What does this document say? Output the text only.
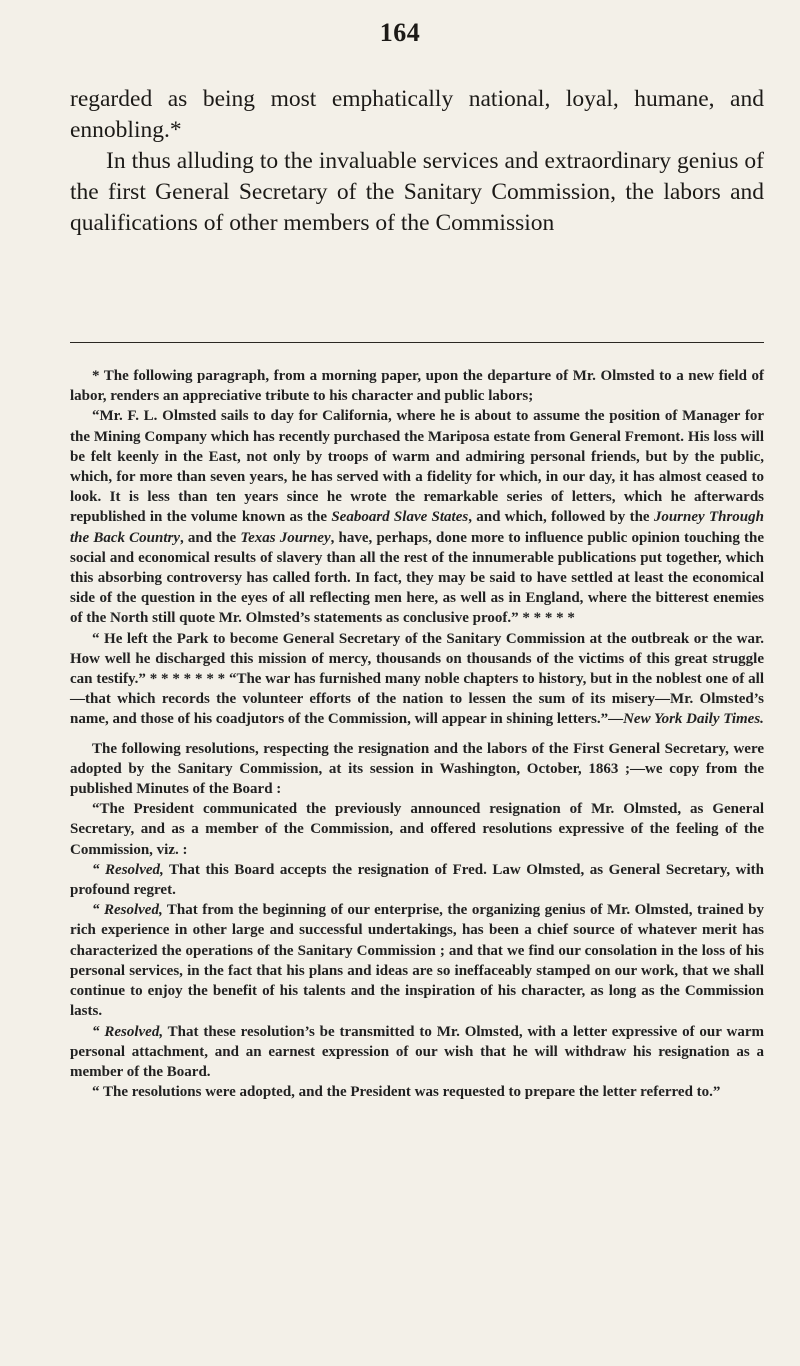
164

regarded as being most emphatically national, loyal, humane, and ennobling.*

In thus alluding to the invaluable services and extraordinary genius of the first General Secretary of the Sanitary Commission, the labors and qualifications of other members of the Commission

* The following paragraph, from a morning paper, upon the departure of Mr. Olmsted to a new field of labor, renders an appreciative tribute to his character and public labors;

“Mr. F. L. Olmsted sails to day for California, where he is about to assume the position of Manager for the Mining Company which has recently purchased the Mariposa estate from General Fremont. His loss will be felt keenly in the East, not only by troops of warm and admiring personal friends, but by the public, which, for more than seven years, he has served with a fidelity for which, in our day, it has almost ceased to look. It is less than ten years since he wrote the remarkable series of letters, which he afterwards republished in the volume known as the Seaboard Slave States, and which, followed by the Journey Through the Back Country, and the Texas Journey, have, perhaps, done more to influence public opinion touching the social and economical results of slavery than all the rest of the innumerable publications put together, which this absorbing controversy has called forth. In fact, they may be said to have settled at least the economical side of the question in the eyes of all reflecting men here, as well as in England, where the bitterest enemies of the North still quote Mr. Olmsted’s statements as conclusive proof.” * * * * *

“ He left the Park to become General Secretary of the Sanitary Commission at the outbreak or the war. How well he discharged this mission of mercy, thousands on thousands of the victims of this great struggle can testify.” * * * * * * * “The war has furnished many noble chapters to history, but in the noblest one of all—that which records the volunteer efforts of the nation to lessen the sum of its misery—Mr. Olmsted’s name, and those of his coadjutors of the Commission, will appear in shining letters.”—New York Daily Times.

The following resolutions, respecting the resignation and the labors of the First General Secretary, were adopted by the Sanitary Commission, at its session in Washington, October, 1863 ;—we copy from the published Minutes of the Board :

“The President communicated the previously announced resignation of Mr. Olmsted, as General Secretary, and as a member of the Commission, and offered resolutions expressive of the feeling of the Commission, viz. :

“ Resolved, That this Board accepts the resignation of Fred. Law Olmsted, as General Secretary, with profound regret.

“ Resolved, That from the beginning of our enterprise, the organizing genius of Mr. Olmsted, trained by rich experience in other large and successful undertakings, has been a chief source of whatever merit has characterized the operations of the Sanitary Commission ; and that we find our consolation in the loss of his personal services, in the fact that his plans and ideas are so ineffaceably stamped on our work, that we shall continue to enjoy the benefit of his talents and the inspiration of his character, as long as the Commission lasts.

“ Resolved, That these resolution’s be transmitted to Mr. Olmsted, with a letter expressive of our warm personal attachment, and an earnest expression of our wish that he will withdraw his resignation as a member of the Board.

“ The resolutions were adopted, and the President was requested to prepare the letter referred to.”
